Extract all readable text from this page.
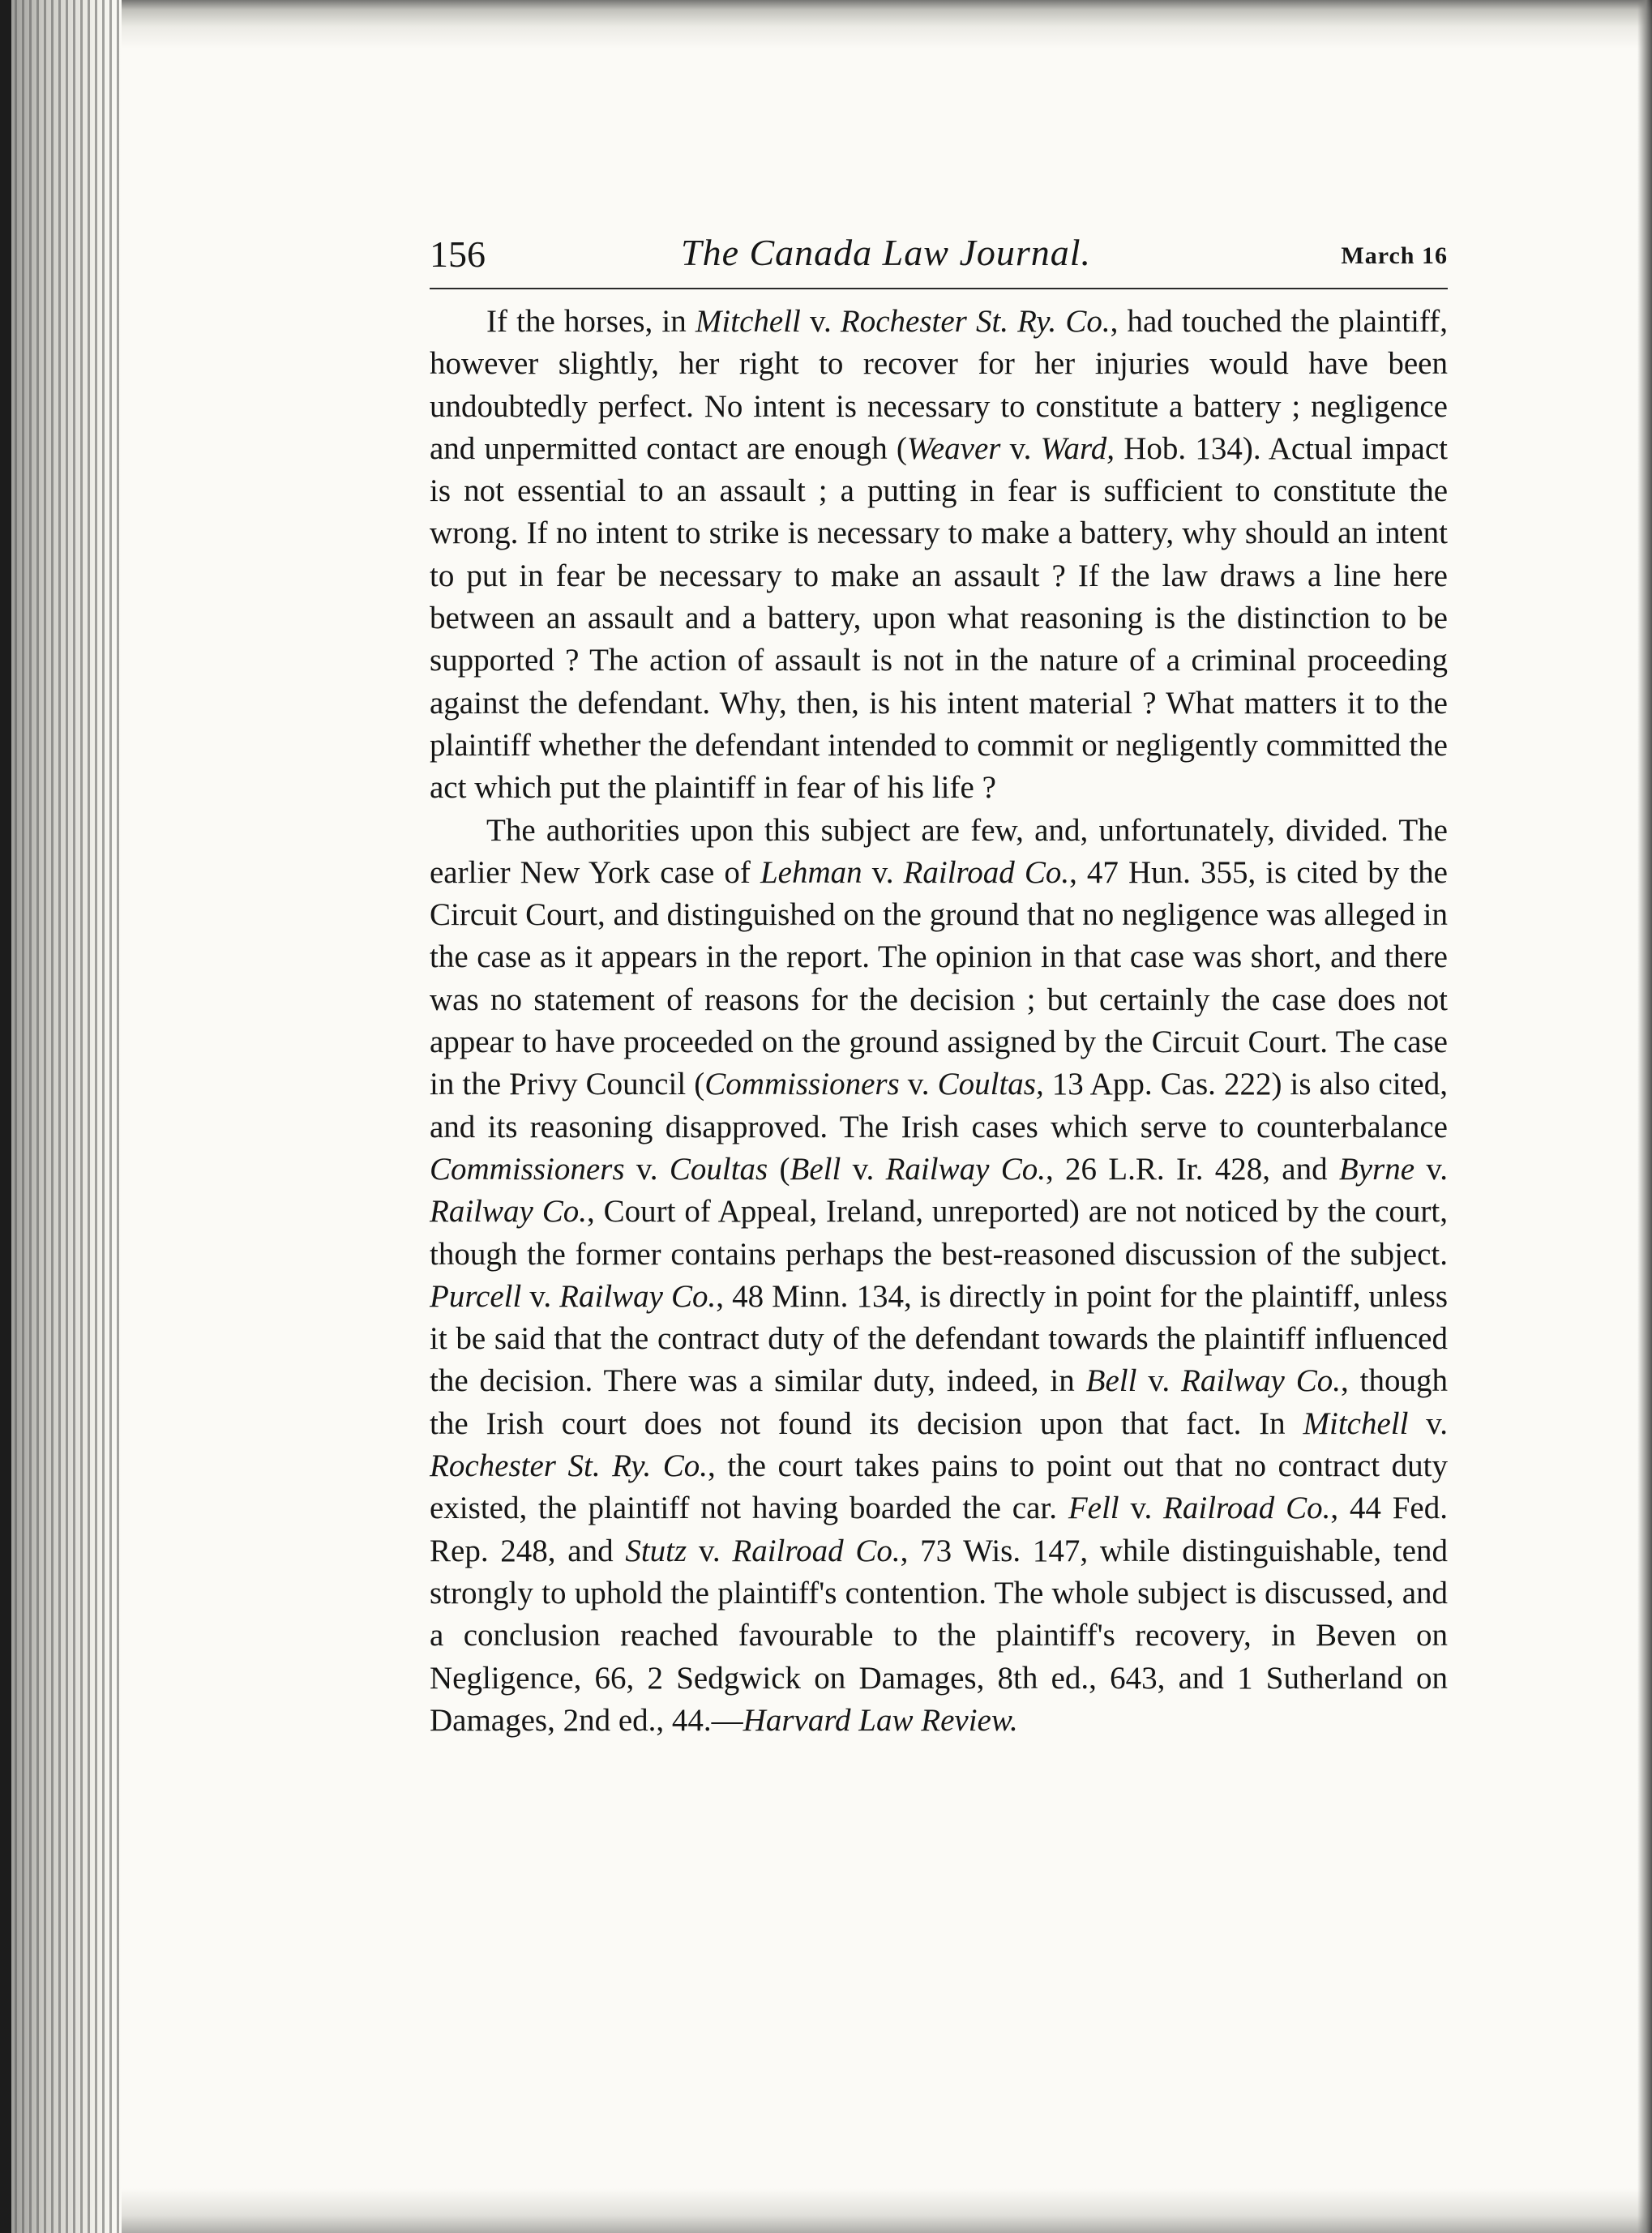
156	The Canada Law Journal.	March 16

If the horses, in Mitchell v. Rochester St. Ry. Co., had touched the plaintiff, however slightly, her right to recover for her injuries would have been undoubtedly perfect. No intent is necessary to constitute a battery ; negligence and unpermitted contact are enough (Weaver v. Ward, Hob. 134). Actual impact is not essential to an assault ; a putting in fear is sufficient to constitute the wrong. If no intent to strike is necessary to make a battery, why should an intent to put in fear be necessary to make an assault ? If the law draws a line here between an assault and a battery, upon what reasoning is the distinction to be supported ? The action of assault is not in the nature of a criminal proceeding against the defendant. Why, then, is his intent material ? What matters it to the plaintiff whether the defendant intended to commit or negligently committed the act which put the plaintiff in fear of his life ?

The authorities upon this subject are few, and, unfortunately, divided. The earlier New York case of Lehman v. Railroad Co., 47 Hun. 355, is cited by the Circuit Court, and distinguished on the ground that no negligence was alleged in the case as it appears in the report. The opinion in that case was short, and there was no statement of reasons for the decision ; but certainly the case does not appear to have proceeded on the ground assigned by the Circuit Court. The case in the Privy Council (Commissioners v. Coultas, 13 App. Cas. 222) is also cited, and its reasoning disapproved. The Irish cases which serve to counterbalance Commissioners v. Coultas (Bell v. Railway Co., 26 L.R. Ir. 428, and Byrne v. Railway Co., Court of Appeal, Ireland, unreported) are not noticed by the court, though the former contains perhaps the best-reasoned discussion of the subject. Purcell v. Railway Co., 48 Minn. 134, is directly in point for the plaintiff, unless it be said that the contract duty of the defendant towards the plaintiff influenced the decision. There was a similar duty, indeed, in Bell v. Railway Co., though the Irish court does not found its decision upon that fact. In Mitchell v. Rochester St. Ry. Co., the court takes pains to point out that no contract duty existed, the plaintiff not having boarded the car. Fell v. Railroad Co., 44 Fed. Rep. 248, and Stutz v. Railroad Co., 73 Wis. 147, while distinguishable, tend strongly to uphold the plaintiff's contention. The whole subject is discussed, and a conclusion reached favourable to the plaintiff's recovery, in Beven on Negligence, 66, 2 Sedgwick on Damages, 8th ed., 643, and 1 Sutherland on Damages, 2nd ed., 44.—Harvard Law Review.
